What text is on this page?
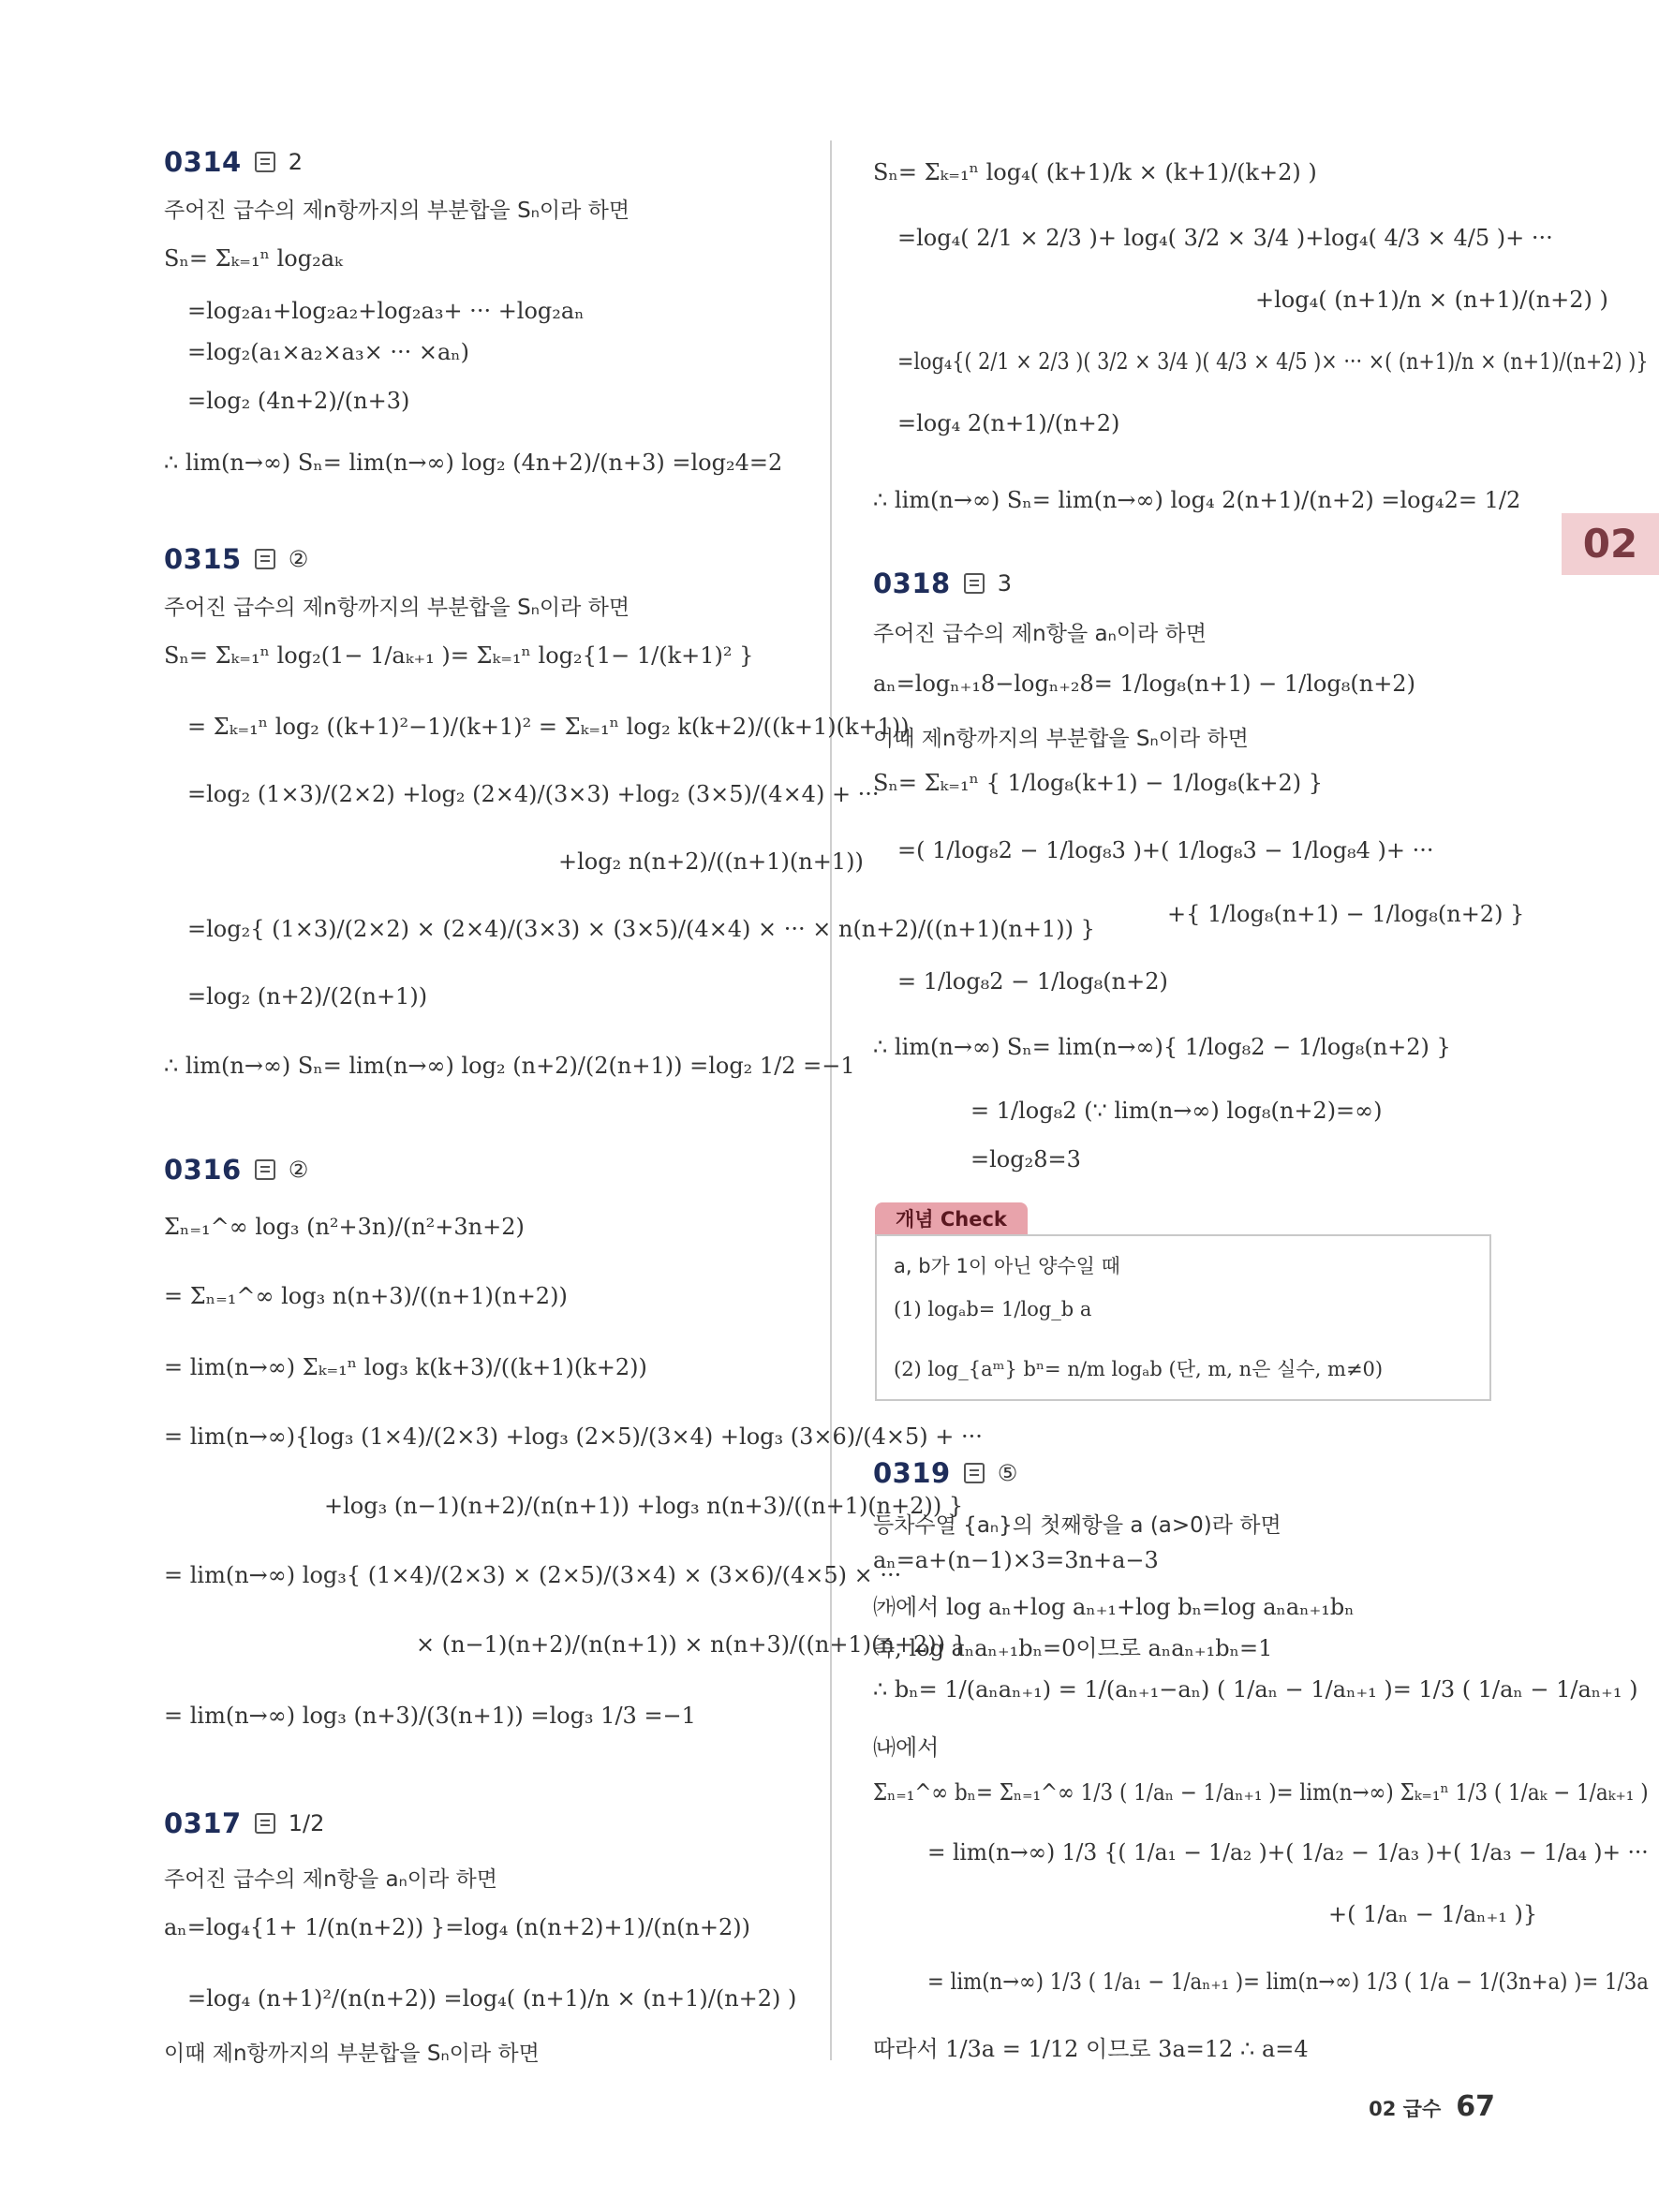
0314 2
주어진 급수의 제n항까지의 부분합을 Sₙ이라 하면
Sₙ= Σₖ₌₁ⁿ log₂aₖ
=log₂a₁+log₂a₂+log₂a₃+ ··· +log₂aₙ
=log₂(a₁×a₂×a₃× ··· ×aₙ)
=log₂ (4n+2)/(n+3)
∴ lim(n→∞) Sₙ= lim(n→∞) log₂ (4n+2)/(n+3) =log₂4=2
0315 ②
주어진 급수의 제n항까지의 부분합을 Sₙ이라 하면
Sₙ= Σₖ₌₁ⁿ log₂(1− 1/aₖ₊₁ )= Σₖ₌₁ⁿ log₂{1− 1/(k+1)² }
= Σₖ₌₁ⁿ log₂ ((k+1)²−1)/(k+1)² = Σₖ₌₁ⁿ log₂ k(k+2)/((k+1)(k+1))
=log₂ (1×3)/(2×2) +log₂ (2×4)/(3×3) +log₂ (3×5)/(4×4) + ···
+log₂ n(n+2)/((n+1)(n+1))
=log₂{ (1×3)/(2×2) × (2×4)/(3×3) × (3×5)/(4×4) × ··· × n(n+2)/((n+1)(n+1)) }
=log₂ (n+2)/(2(n+1))
∴ lim(n→∞) Sₙ= lim(n→∞) log₂ (n+2)/(2(n+1)) =log₂ 1/2 =−1
0316 ②
Σₙ₌₁^∞ log₃ (n²+3n)/(n²+3n+2)
= Σₙ₌₁^∞ log₃ n(n+3)/((n+1)(n+2))
= lim(n→∞) Σₖ₌₁ⁿ log₃ k(k+3)/((k+1)(k+2))
= lim(n→∞){log₃ (1×4)/(2×3) +log₃ (2×5)/(3×4) +log₃ (3×6)/(4×5) + ···
+log₃ (n−1)(n+2)/(n(n+1)) +log₃ n(n+3)/((n+1)(n+2)) }
= lim(n→∞) log₃{ (1×4)/(2×3) × (2×5)/(3×4) × (3×6)/(4×5) × ···
× (n−1)(n+2)/(n(n+1)) × n(n+3)/((n+1)(n+2)) }
= lim(n→∞) log₃ (n+3)/(3(n+1)) =log₃ 1/3 =−1
0317 1/2
주어진 급수의 제n항을 aₙ이라 하면
aₙ=log₄{1+ 1/(n(n+2)) }=log₄ (n(n+2)+1)/(n(n+2))
=log₄ (n+1)²/(n(n+2)) =log₄( (n+1)/n × (n+1)/(n+2) )
이때 제n항까지의 부분합을 Sₙ이라 하면
Sₙ= Σₖ₌₁ⁿ log₄( (k+1)/k × (k+1)/(k+2) )
=log₄( 2/1 × 2/3 )+ log₄( 3/2 × 3/4 )+log₄( 4/3 × 4/5 )+ ···
+log₄( (n+1)/n × (n+1)/(n+2) )
=log₄{( 2/1 × 2/3 )( 3/2 × 3/4 )( 4/3 × 4/5 )× ··· ×( (n+1)/n × (n+1)/(n+2) )}
=log₄ 2(n+1)/(n+2)
∴ lim(n→∞) Sₙ= lim(n→∞) log₄ 2(n+1)/(n+2) =log₄2= 1/2
02
0318 3
주어진 급수의 제n항을 aₙ이라 하면
aₙ=logₙ₊₁8−logₙ₊₂8= 1/log₈(n+1) − 1/log₈(n+2)
이때 제n항까지의 부분합을 Sₙ이라 하면
Sₙ= Σₖ₌₁ⁿ { 1/log₈(k+1) − 1/log₈(k+2) }
=( 1/log₈2 − 1/log₈3 )+( 1/log₈3 − 1/log₈4 )+ ···
+{ 1/log₈(n+1) − 1/log₈(n+2) }
= 1/log₈2 − 1/log₈(n+2)
∴ lim(n→∞) Sₙ= lim(n→∞){ 1/log₈2 − 1/log₈(n+2) }
= 1/log₈2 (∵ lim(n→∞) log₈(n+2)=∞)
=log₂8=3
개념 Check
a, b가 1이 아닌 양수일 때
(1) logₐb= 1/log_b a
(2) log_{aᵐ} bⁿ= n/m logₐb (단, m, n은 실수, m≠0)
0319 ⑤
등차수열 {aₙ}의 첫째항을 a (a>0)라 하면
aₙ=a+(n−1)×3=3n+a−3
㈎에서 log aₙ+log aₙ₊₁+log bₙ=log aₙaₙ₊₁bₙ
즉, log aₙaₙ₊₁bₙ=0이므로 aₙaₙ₊₁bₙ=1
∴ bₙ= 1/(aₙaₙ₊₁) = 1/(aₙ₊₁−aₙ) ( 1/aₙ − 1/aₙ₊₁ )= 1/3 ( 1/aₙ − 1/aₙ₊₁ )
㈏에서
Σₙ₌₁^∞ bₙ= Σₙ₌₁^∞ 1/3 ( 1/aₙ − 1/aₙ₊₁ )= lim(n→∞) Σₖ₌₁ⁿ 1/3 ( 1/aₖ − 1/aₖ₊₁ )
= lim(n→∞) 1/3 {( 1/a₁ − 1/a₂ )+( 1/a₂ − 1/a₃ )+( 1/a₃ − 1/a₄ )+ ···
+( 1/aₙ − 1/aₙ₊₁ )}
= lim(n→∞) 1/3 ( 1/a₁ − 1/aₙ₊₁ )= lim(n→∞) 1/3 ( 1/a − 1/(3n+a) )= 1/3a
따라서 1/3a = 1/12 이므로 3a=12 ∴ a=4
02 급수 67
